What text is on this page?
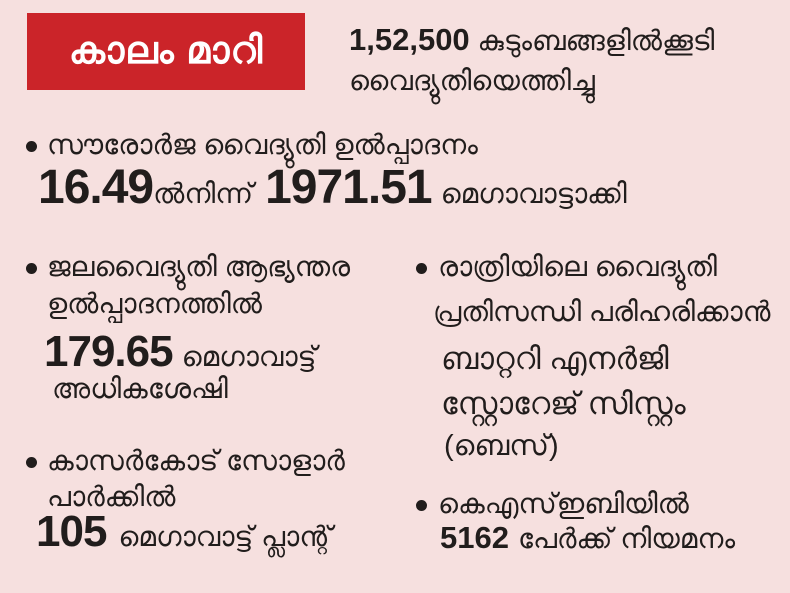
കാലം മാറി	1,52,500 കുടുംബങ്ങളിൽക്കൂടി
വൈദ്യുതിയെത്തിച്ചു
സൗരോർജ വൈദ്യുതി ഉൽപ്പാദനം
16.49 ൽനിന്ന് 1971.51 മെഗാവാട്ടാക്കി
ജലവൈദ്യുതി ആഭ്യന്തര
ഉൽപ്പാദനത്തിൽ
179.65 മെഗാവാട്ട്
അധികശേഷി
കാസർകോട് സോളാർ
പാർക്കിൽ
105 മെഗാവാട്ട് പ്ലാന്റ്
രാത്രിയിലെ വൈദ്യുതി
പ്രതിസന്ധി പരിഹരിക്കാൻ
ബാറ്ററി എനർജി
സ്റ്റോറേജ് സിസ്റ്റം
(ബെസ്)
കെഎസ്ഇബിയിൽ
5162 പേർക്ക് നിയമനം
